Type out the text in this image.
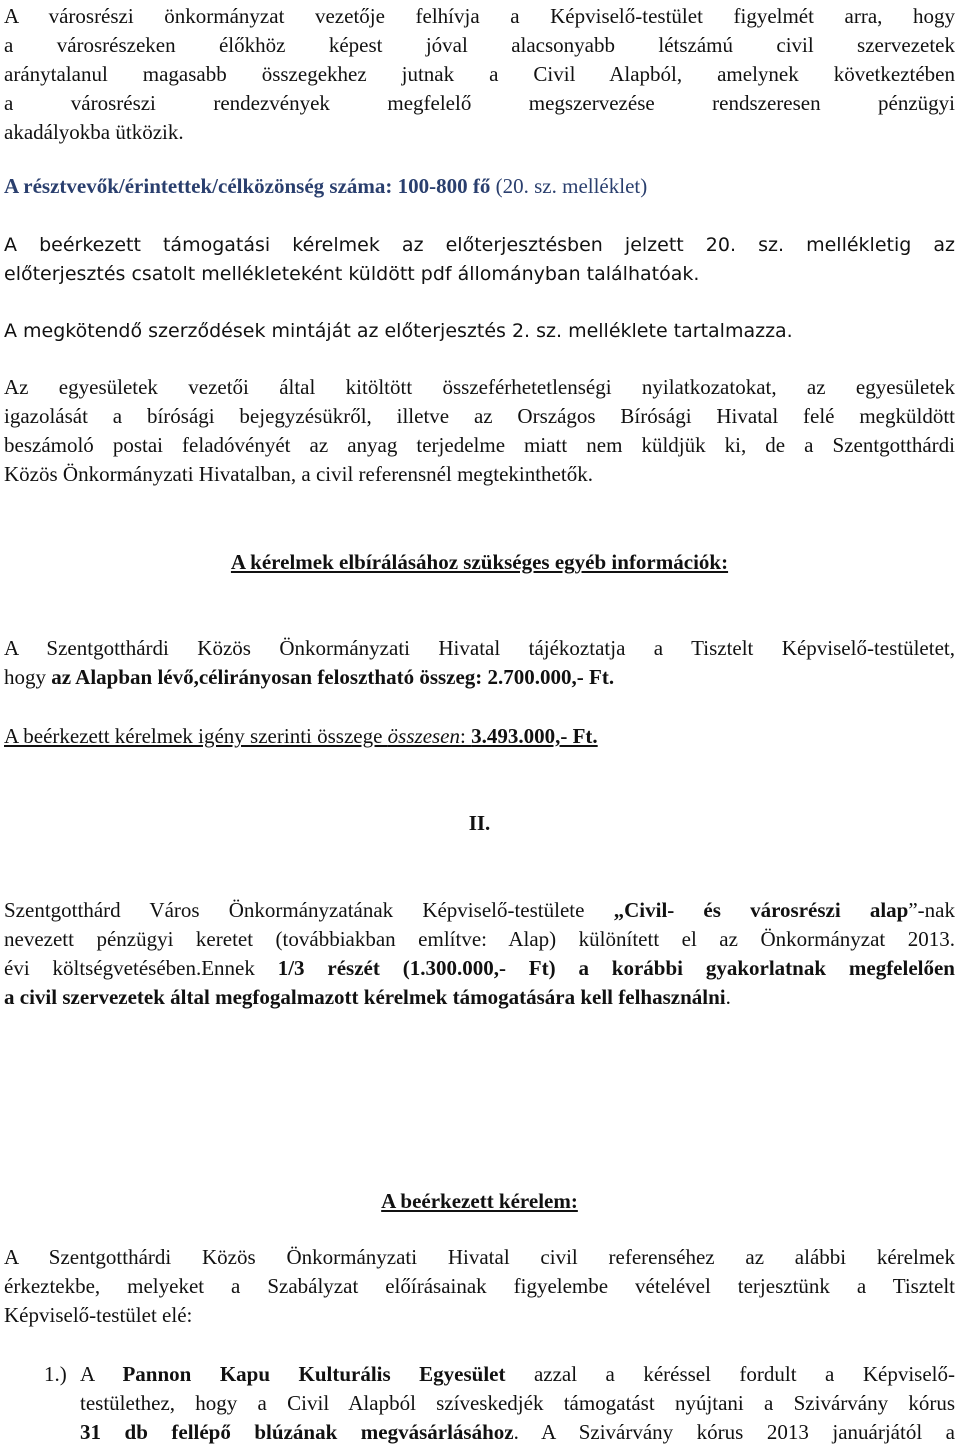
A városrészi önkormányzat vezetője felhívja a Képviselő-testület figyelmét arra, hogy
a városrészeken élőkhöz képest jóval alacsonyabb létszámú civil szervezetek
aránytalanul magasabb összegekhez jutnak a Civil Alapból, amelynek következtében
a városrészi rendezvények megfelelő megszervezése rendszeresen pénzügyi
akadályokba ütközik.
A résztvevők/érintettek/célközönség száma: 100-800 fő (20. sz. melléklet)
A beérkezett támogatási kérelmek az előterjesztésben jelzett 20. sz. mellékletig az
előterjesztés csatolt mellékleteként küldött pdf állományban találhatóak.
A megkötendő szerződések mintáját az előterjesztés 2. sz. melléklete tartalmazza.
Az egyesületek vezetői által kitöltött összeférhetetlenségi nyilatkozatokat, az egyesületek
igazolását a bírósági bejegyzésükről, illetve az Országos Bírósági Hivatal felé megküldött
beszámoló postai feladóvényét az anyag terjedelme miatt nem küldjük ki, de a Szentgotthárdi
Közös Önkormányzati Hivatalban, a civil referensnél megtekinthetők.
A kérelmek elbírálásához szükséges egyéb információk:
A Szentgotthárdi Közös Önkormányzati Hivatal tájékoztatja a Tisztelt Képviselő-testületet,
hogy az Alapban lévő,célirányosan felosztható összeg: 2.700.000,- Ft.
A beérkezett kérelmek igény szerinti összege összesen: 3.493.000,- Ft.
II.
Szentgotthárd Város Önkormányzatának Képviselő-testülete „Civil- és városrészi alap”-nak
nevezett pénzügyi keretet (továbbiakban említve: Alap) különített el az Önkormányzat 2013.
évi költségvetésében.Ennek 1/3 részét (1.300.000,- Ft) a korábbi gyakorlatnak megfelelően
a civil szervezetek által megfogalmazott kérelmek támogatására kell felhasználni.
A beérkezett kérelem:
A Szentgotthárdi Közös Önkormányzati Hivatal civil referenséhez az alábbi kérelmek
érkeztekbe, melyeket a Szabályzat előírásainak figyelembe vételével terjesztünk a Tisztelt
Képviselő-testület elé:
1.) A Pannon Kapu Kulturális Egyesület azzal a kéréssel fordult a Képviselő-
testülethez, hogy a Civil Alapból szíveskedjék támogatást nyújtani a Szivárvány kórus
31 db fellépő blúzának megvásárlásához. A Szivárvány kórus 2013 januárjától a
